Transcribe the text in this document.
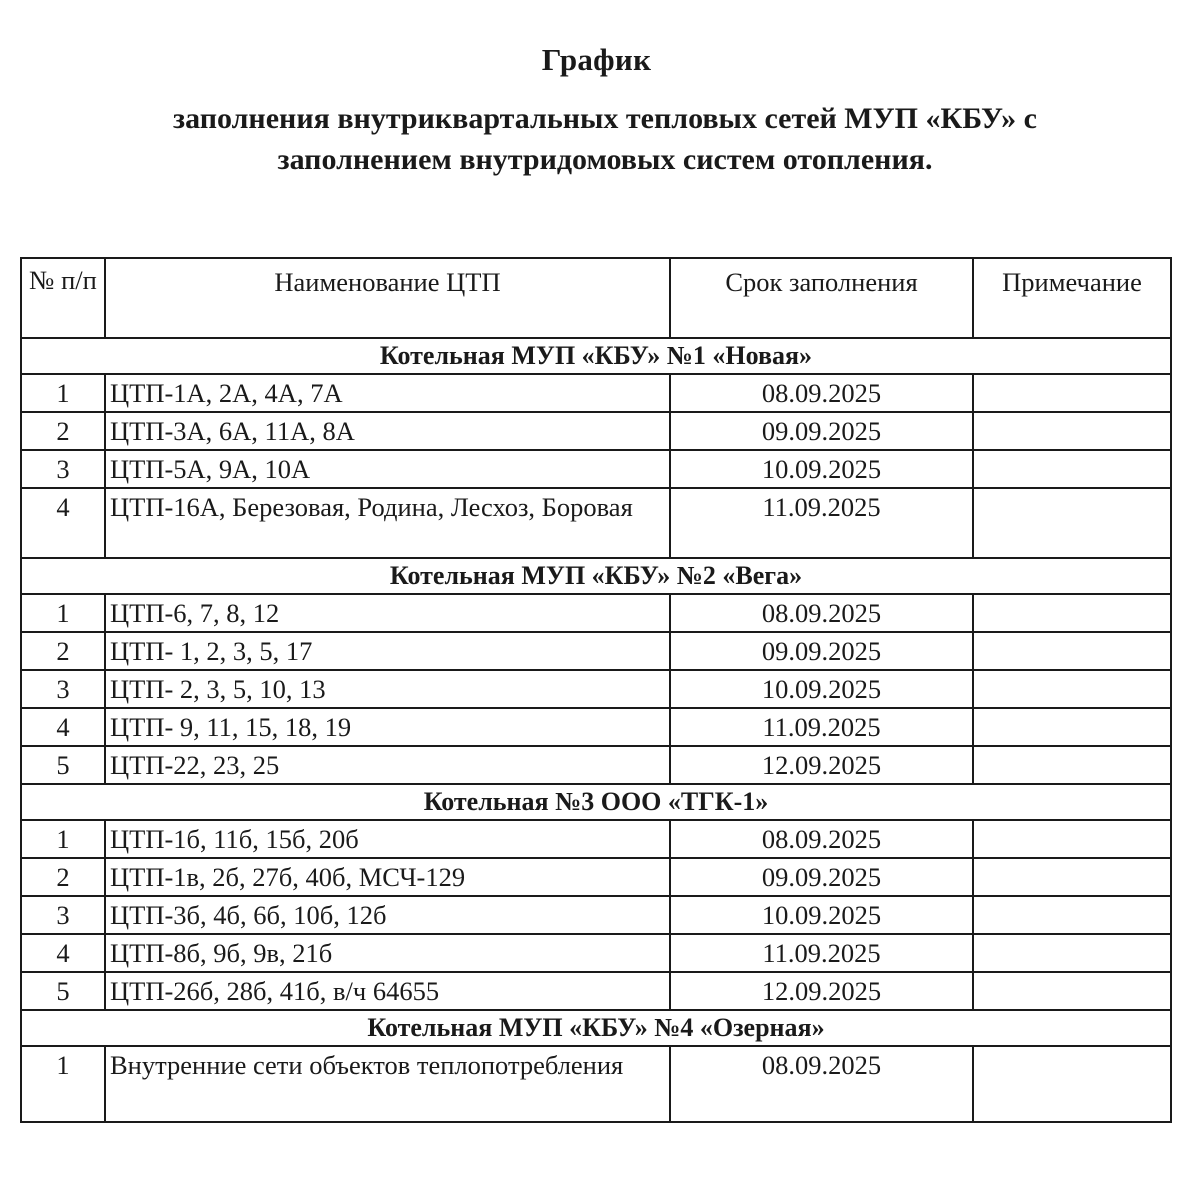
График
заполнения внутриквартальных тепловых сетей МУП «КБУ» с заполнением внутридомовых систем отопления.
№ п/п	Наименование ЦТП	Срок заполнения	Примечание

Котельная МУП «КБУ» №1 «Новая»			
1	ЦТП-1А, 2А, 4А, 7А	08.09.2025	
2	ЦТП-3А, 6А, 11А, 8А	09.09.2025	
3	ЦТП-5А, 9А, 10А	10.09.2025	
4	ЦТП-16А, Березовая, Родина, Лесхоз, Боровая	11.09.2025	
Котельная МУП «КБУ» №2 «Вега»			
1	ЦТП-6, 7, 8, 12	08.09.2025	
2	ЦТП- 1, 2, 3, 5, 17	09.09.2025	
3	ЦТП- 2, 3, 5, 10, 13	10.09.2025	
4	ЦТП- 9, 11, 15, 18, 19	11.09.2025	
5	ЦТП-22, 23, 25	12.09.2025	
Котельная №3 ООО «ТГК-1»			
1	ЦТП-1б, 11б, 15б, 20б	08.09.2025	
2	ЦТП-1в, 2б, 27б, 40б, МСЧ-129	09.09.2025	
3	ЦТП-3б, 4б, 6б, 10б, 12б	10.09.2025	
4	ЦТП-8б, 9б, 9в, 21б	11.09.2025	
5	ЦТП-26б, 28б, 41б, в/ч 64655	12.09.2025	
Котельная МУП «КБУ» №4 «Озерная»			
1	Внутренние сети объектов теплопотребления	08.09.2025	
